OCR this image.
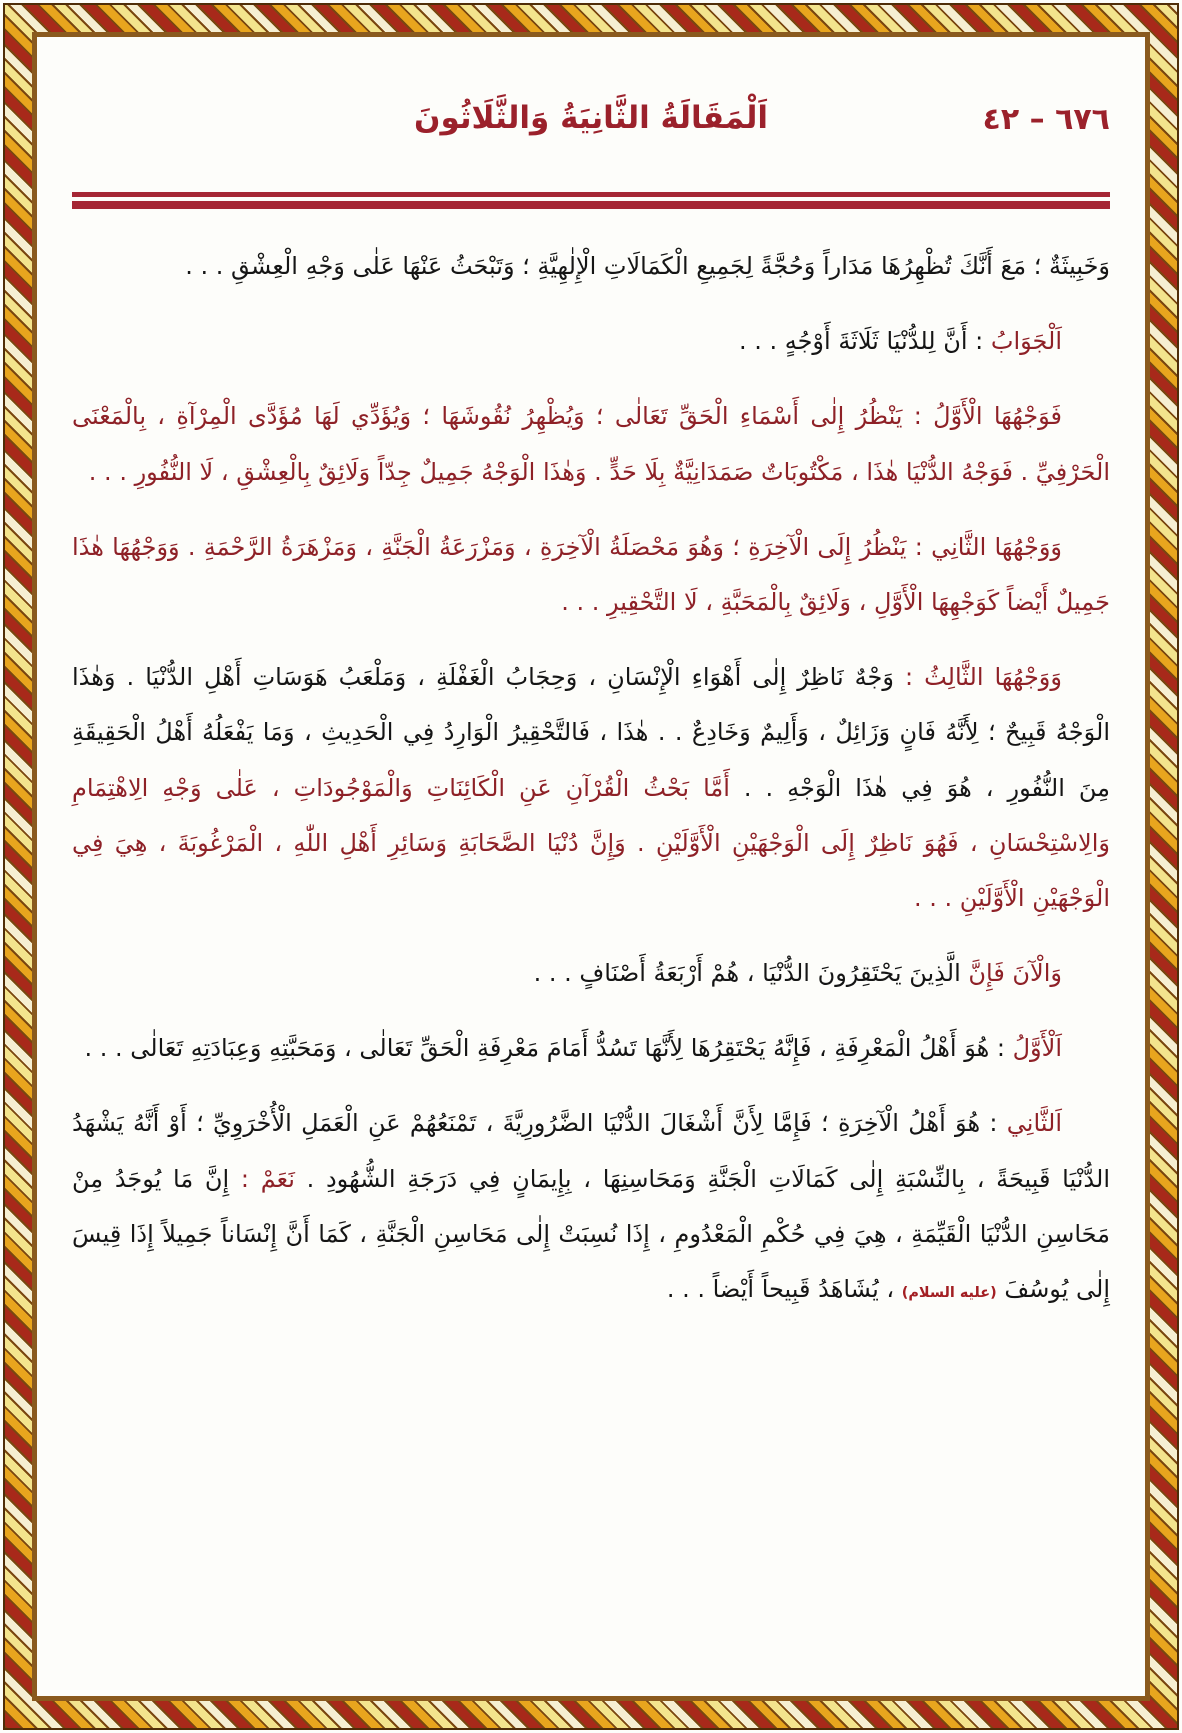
اَلْمَقَالَةُ الثَّانِيَةُ وَالثَّلَاثُونَ	٦٧٦ – ٤٢

وَخَبِيثَةٌ ؛ مَعَ أَنَّكَ تُظْهِرُهَا مَدَاراً وَحُجَّةً لِجَمِيعِ الْكَمَالَاتِ الْإِلٰهِيَّةِ ؛ وَتَبْحَثُ عَنْهَا عَلٰى وَجْهِ الْعِشْقِ . . .

اَلْجَوَابُ : أَنَّ لِلدُّنْيَا ثَلَاثَةَ أَوْجُهٍ . . .

فَوَجْهُهَا الْأَوَّلُ : يَنْظُرُ إِلٰى أَسْمَاءِ الْحَقِّ تَعَالٰى ؛ وَيُظْهِرُ نُقُوشَهَا ؛ وَيُؤَدِّي لَهَا مُؤَدَّى الْمِرْآةِ ، بِالْمَعْنَى الْحَرْفِيِّ . فَوَجْهُ الدُّنْيَا هٰذَا ، مَكْتُوبَاتٌ صَمَدَانِيَّةٌ بِلَا حَدٍّ . وَهٰذَا الْوَجْهُ جَمِيلٌ جِدّاً وَلَائِقٌ بِالْعِشْقِ ، لَا النُّفُورِ . . .

وَوَجْهُهَا الثَّانِي : يَنْظُرُ إِلَى الْآخِرَةِ ؛ وَهُوَ مَحْصَلَةُ الْآخِرَةِ ، وَمَزْرَعَةُ الْجَنَّةِ ، وَمَزْهَرَةُ الرَّحْمَةِ . وَوَجْهُهَا هٰذَا جَمِيلٌ أَيْضاً كَوَجْهِهَا الْأَوَّلِ ، وَلَائِقٌ بِالْمَحَبَّةِ ، لَا التَّحْقِيرِ . . .

وَوَجْهُهَا الثَّالِثُ : وَجْهٌ نَاظِرٌ إِلٰى أَهْوَاءِ الْإِنْسَانِ ، وَحِجَابُ الْغَفْلَةِ ، وَمَلْعَبُ هَوَسَاتِ أَهْلِ الدُّنْيَا . وَهٰذَا الْوَجْهُ قَبِيحٌ ؛ لِأَنَّهُ فَانٍ وَزَائِلٌ ، وَأَلِيمٌ وَخَادِعٌ . . هٰذَا ، فَالتَّحْقِيرُ الْوَارِدُ فِي الْحَدِيثِ ، وَمَا يَفْعَلُهُ أَهْلُ الْحَقِيقَةِ مِنَ النُّفُورِ ، هُوَ فِي هٰذَا الْوَجْهِ . . أَمَّا بَحْثُ الْقُرْآنِ عَنِ الْكَائِنَاتِ وَالْمَوْجُودَاتِ ، عَلٰى وَجْهِ الِاهْتِمَامِ وَالِاسْتِحْسَانِ ، فَهُوَ نَاظِرٌ إِلَى الْوَجْهَيْنِ الْأَوَّلَيْنِ . وَإِنَّ دُنْيَا الصَّحَابَةِ وَسَائِرِ أَهْلِ اللّٰهِ ، الْمَرْغُوبَةَ ، هِيَ فِي الْوَجْهَيْنِ الْأَوَّلَيْنِ . . .

وَالْآنَ فَإِنَّ الَّذِينَ يَحْتَقِرُونَ الدُّنْيَا ، هُمْ أَرْبَعَةُ أَصْنَافٍ . . .

اَلْأَوَّلُ : هُوَ أَهْلُ الْمَعْرِفَةِ ، فَإِنَّهُ يَحْتَقِرُهَا لِأَنَّهَا تَسُدُّ أَمَامَ مَعْرِفَةِ الْحَقِّ تَعَالٰى ، وَمَحَبَّتِهِ وَعِبَادَتِهِ تَعَالٰى . . .

اَلثَّانِي : هُوَ أَهْلُ الْآخِرَةِ ؛ فَإِمَّا لِأَنَّ أَشْغَالَ الدُّنْيَا الضَّرُورِيَّةَ ، تَمْنَعُهُمْ عَنِ الْعَمَلِ الْأُخْرَوِيِّ ؛ أَوْ أَنَّهُ يَشْهَدُ الدُّنْيَا قَبِيحَةً ، بِالنِّسْبَةِ إِلٰى كَمَالَاتِ الْجَنَّةِ وَمَحَاسِنِهَا ، بِإِيمَانٍ فِي دَرَجَةِ الشُّهُودِ . نَعَمْ : إِنَّ مَا يُوجَدُ مِنْ مَحَاسِنِ الدُّنْيَا الْقَيِّمَةِ ، هِيَ فِي حُكْمِ الْمَعْدُومِ ، إِذَا نُسِبَتْ إِلٰى مَحَاسِنِ الْجَنَّةِ ، كَمَا أَنَّ إِنْسَاناً جَمِيلاً إِذَا قِيسَ إِلٰى يُوسُفَ (عليه السلام) ، يُشَاهَدُ قَبِيحاً أَيْضاً . . .
